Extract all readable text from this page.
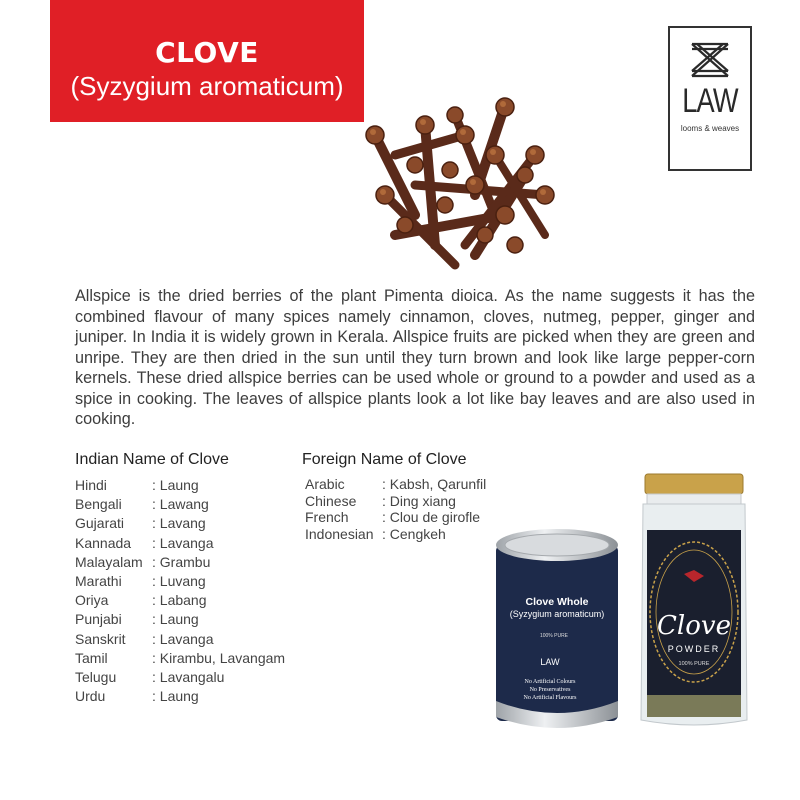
CLOVE
(Syzygium aromaticum)	LAW
looms & weaves
Allspice is the dried berries of the plant Pimenta dioica. As the name suggests it has the combined flavour of many spices namely cinnamon, cloves, nutmeg, pepper, ginger and juniper. In India it is widely grown in Kerala. Allspice fruits are picked when they are green and unripe. They are then dried in the sun until they turn brown and look like large pepper-corn kernels. These dried allspice berries can be used whole or ground to a powder and used as a spice in cooking. The leaves of allspice plants look a lot like bay leaves and are also used in cooking.
Indian Name of Clove
Hindi	: Laung
Bengali : Lawang
Gujarati : Lavang
Kannada : Lavanga
Malayalam : Grambu
Marathi : Luvang
Oriya	: Labang
Punjabi : Laung
Sanskrit : Lavanga
Tamil	: Kirambu, Lavangam
Telugu	: Lavangalu
Urdu	: Laung
Foreign Name of Clove
Arabic	: Kabsh, Qarunfil
Chinese : Ding xiang
French : Clou de girofle
Indonesian : Cengkeh
Clove Whole
(Syzygium aromaticum)
100% PURE
LAW
No Artificial Colours
No Preservatives
No Artificial Flavours
Clove
POWDER
100% PURE
